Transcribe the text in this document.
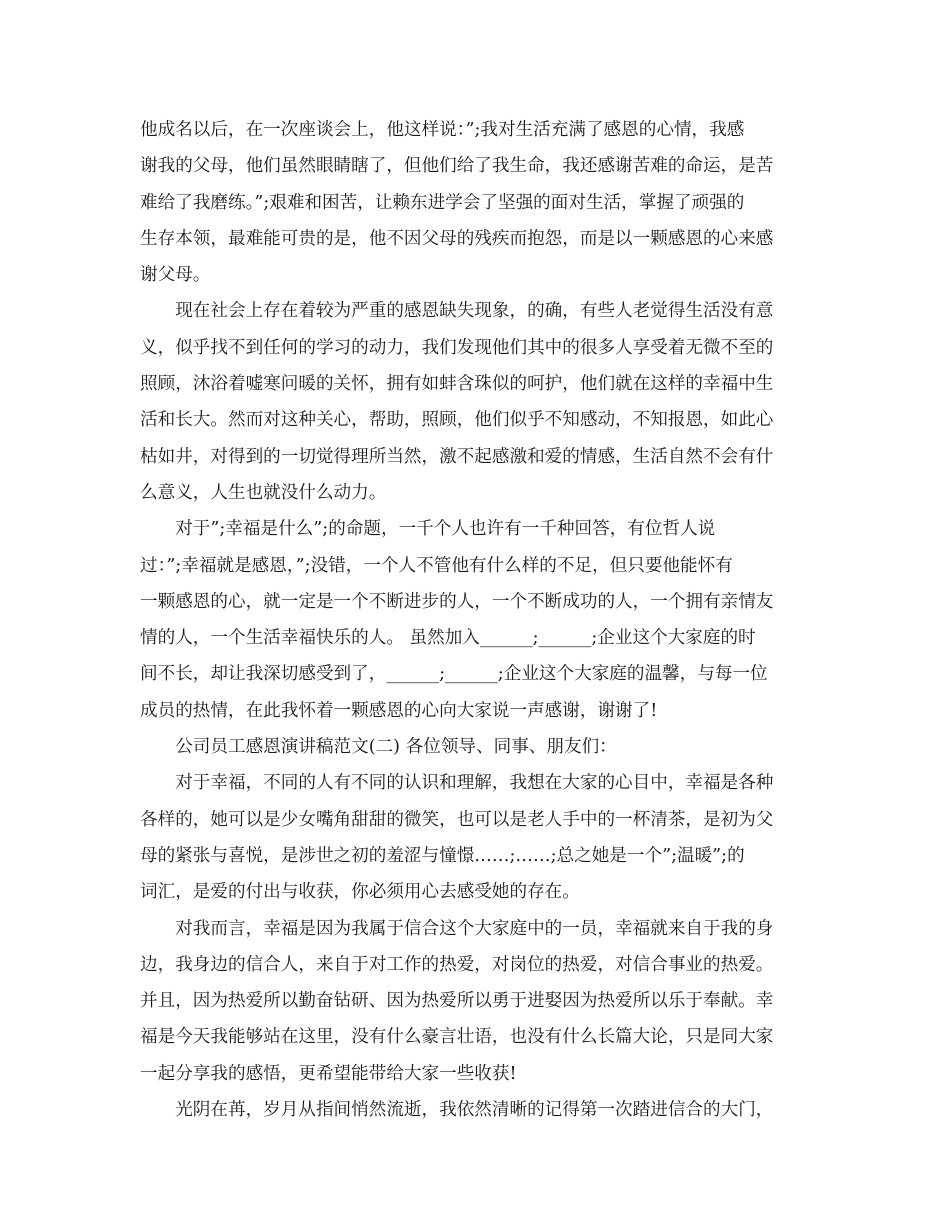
他成名以后，在一次座谈会上，他这样说：”;我对生活充满了感恩的心情，我感
谢我的父母，他们虽然眼睛瞎了，但他们给了我生命，我还感谢苦难的命运，是苦
难给了我磨练。”;艰难和困苦，让赖东进学会了坚强的面对生活，掌握了顽强的
生存本领，最难能可贵的是，他不因父母的残疾而抱怨，而是以一颗感恩的心来感
谢父母。

现在社会上存在着较为严重的感恩缺失现象，的确，有些人老觉得生活没有意
义，似乎找不到任何的学习的动力，我们发现他们其中的很多人享受着无微不至的
照顾，沐浴着嘘寒问暖的关怀，拥有如蚌含珠似的呵护，他们就在这样的幸福中生
活和长大。然而对这种关心，帮助，照顾，他们似乎不知感动，不知报恩，如此心
枯如井，对得到的一切觉得理所当然，激不起感激和爱的情感，生活自然不会有什
么意义，人生也就没什么动力。

对于”;幸福是什么”;的命题，一千个人也许有一千种回答，有位哲人说
过：”;幸福就是感恩，”;没错，一个人不管他有什么样的不足，但只要他能怀有
一颗感恩的心，就一定是一个不断进步的人，一个不断成功的人，一个拥有亲情友
情的人，一个生活幸福快乐的人。 虽然加入______;______;企业这个大家庭的时
间不长，却让我深切感受到了，______;______;企业这个大家庭的温馨，与每一位
成员的热情，在此我怀着一颗感恩的心向大家说一声感谢，谢谢了!

公司员工感恩演讲稿范文(二) 各位领导、同事、朋友们：

对于幸福，不同的人有不同的认识和理解，我想在大家的心目中，幸福是各种
各样的，她可以是少女嘴角甜甜的微笑，也可以是老人手中的一杯清茶，是初为父
母的紧张与喜悦，是涉世之初的羞涩与憧憬……;……;总之她是一个”;温暖”;的
词汇，是爱的付出与收获，你必须用心去感受她的存在。

对我而言，幸福是因为我属于信合这个大家庭中的一员，幸福就来自于我的身
边，我身边的信合人，来自于对工作的热爱，对岗位的热爱，对信合事业的热爱。
并且，因为热爱所以勤奋钻研、因为热爱所以勇于进娶因为热爱所以乐于奉献。幸
福是今天我能够站在这里，没有什么豪言壮语，也没有什么长篇大论，只是同大家
一起分享我的感悟，更希望能带给大家一些收获!

光阴在苒，岁月从指间悄然流逝，我依然清晰的记得第一次踏进信合的大门，
